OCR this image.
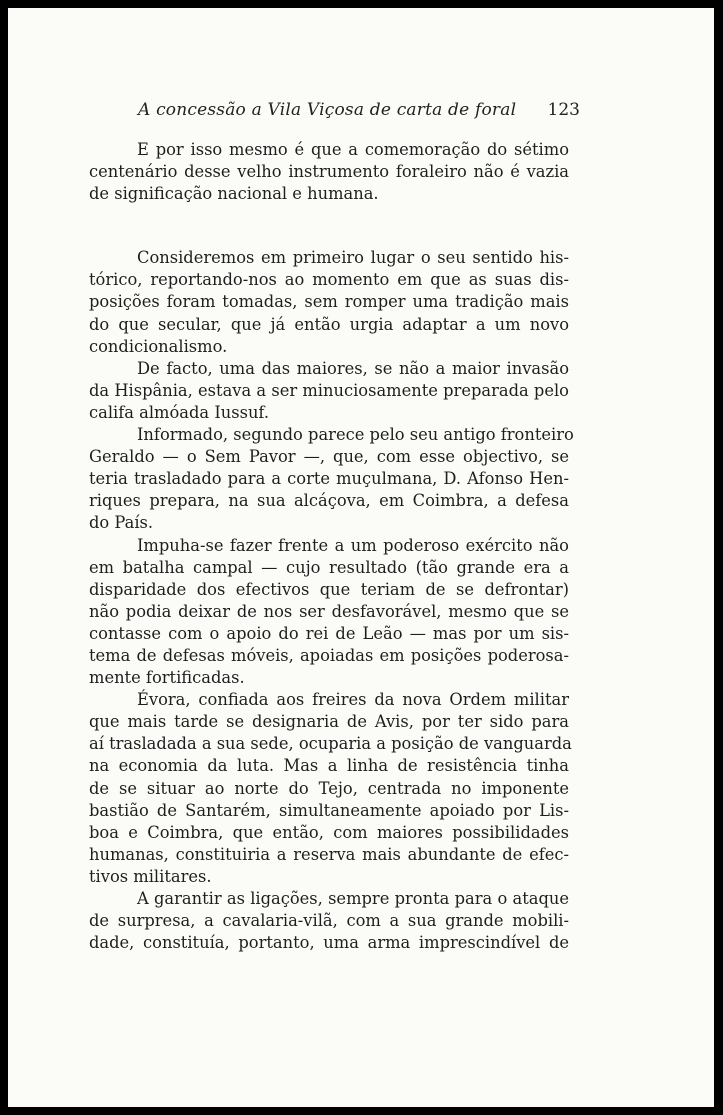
A concessão a Vila Viçosa de carta de foral 123
E por isso mesmo é que a comemoração do sétimo
centenário desse velho instrumento foraleiro não é vazia
de significação nacional e humana.
Consideremos em primeiro lugar o seu sentido his-
tórico, reportando-nos ao momento em que as suas dis-
posições foram tomadas, sem romper uma tradição mais
do que secular, que já então urgia adaptar a um novo
condicionalismo.
De facto, uma das maiores, se não a maior invasão
da Hispânia, estava a ser minuciosamente preparada pelo
califa almóada Iussuf.
Informado, segundo parece pelo seu antigo fronteiro
Geraldo — o Sem Pavor —, que, com esse objectivo, se
teria trasladado para a corte muçulmana, D. Afonso Hen-
riques prepara, na sua alcáçova, em Coimbra, a defesa
do País.
Impuha-se fazer frente a um poderoso exército não
em batalha campal — cujo resultado (tão grande era a
disparidade dos efectivos que teriam de se defrontar)
não podia deixar de nos ser desfavorável, mesmo que se
contasse com o apoio do rei de Leão — mas por um sis-
tema de defesas móveis, apoiadas em posições poderosa-
mente fortificadas.
Évora, confiada aos freires da nova Ordem militar
que mais tarde se designaria de Avis, por ter sido para
aí trasladada a sua sede, ocuparia a posição de vanguarda
na economia da luta. Mas a linha de resistência tinha
de se situar ao norte do Tejo, centrada no imponente
bastião de Santarém, simultaneamente apoiado por Lis-
boa e Coimbra, que então, com maiores possibilidades
humanas, constituiria a reserva mais abundante de efec-
tivos militares.
A garantir as ligações, sempre pronta para o ataque
de surpresa, a cavalaria-vilã, com a sua grande mobili-
dade, constituía, portanto, uma arma imprescindível de
